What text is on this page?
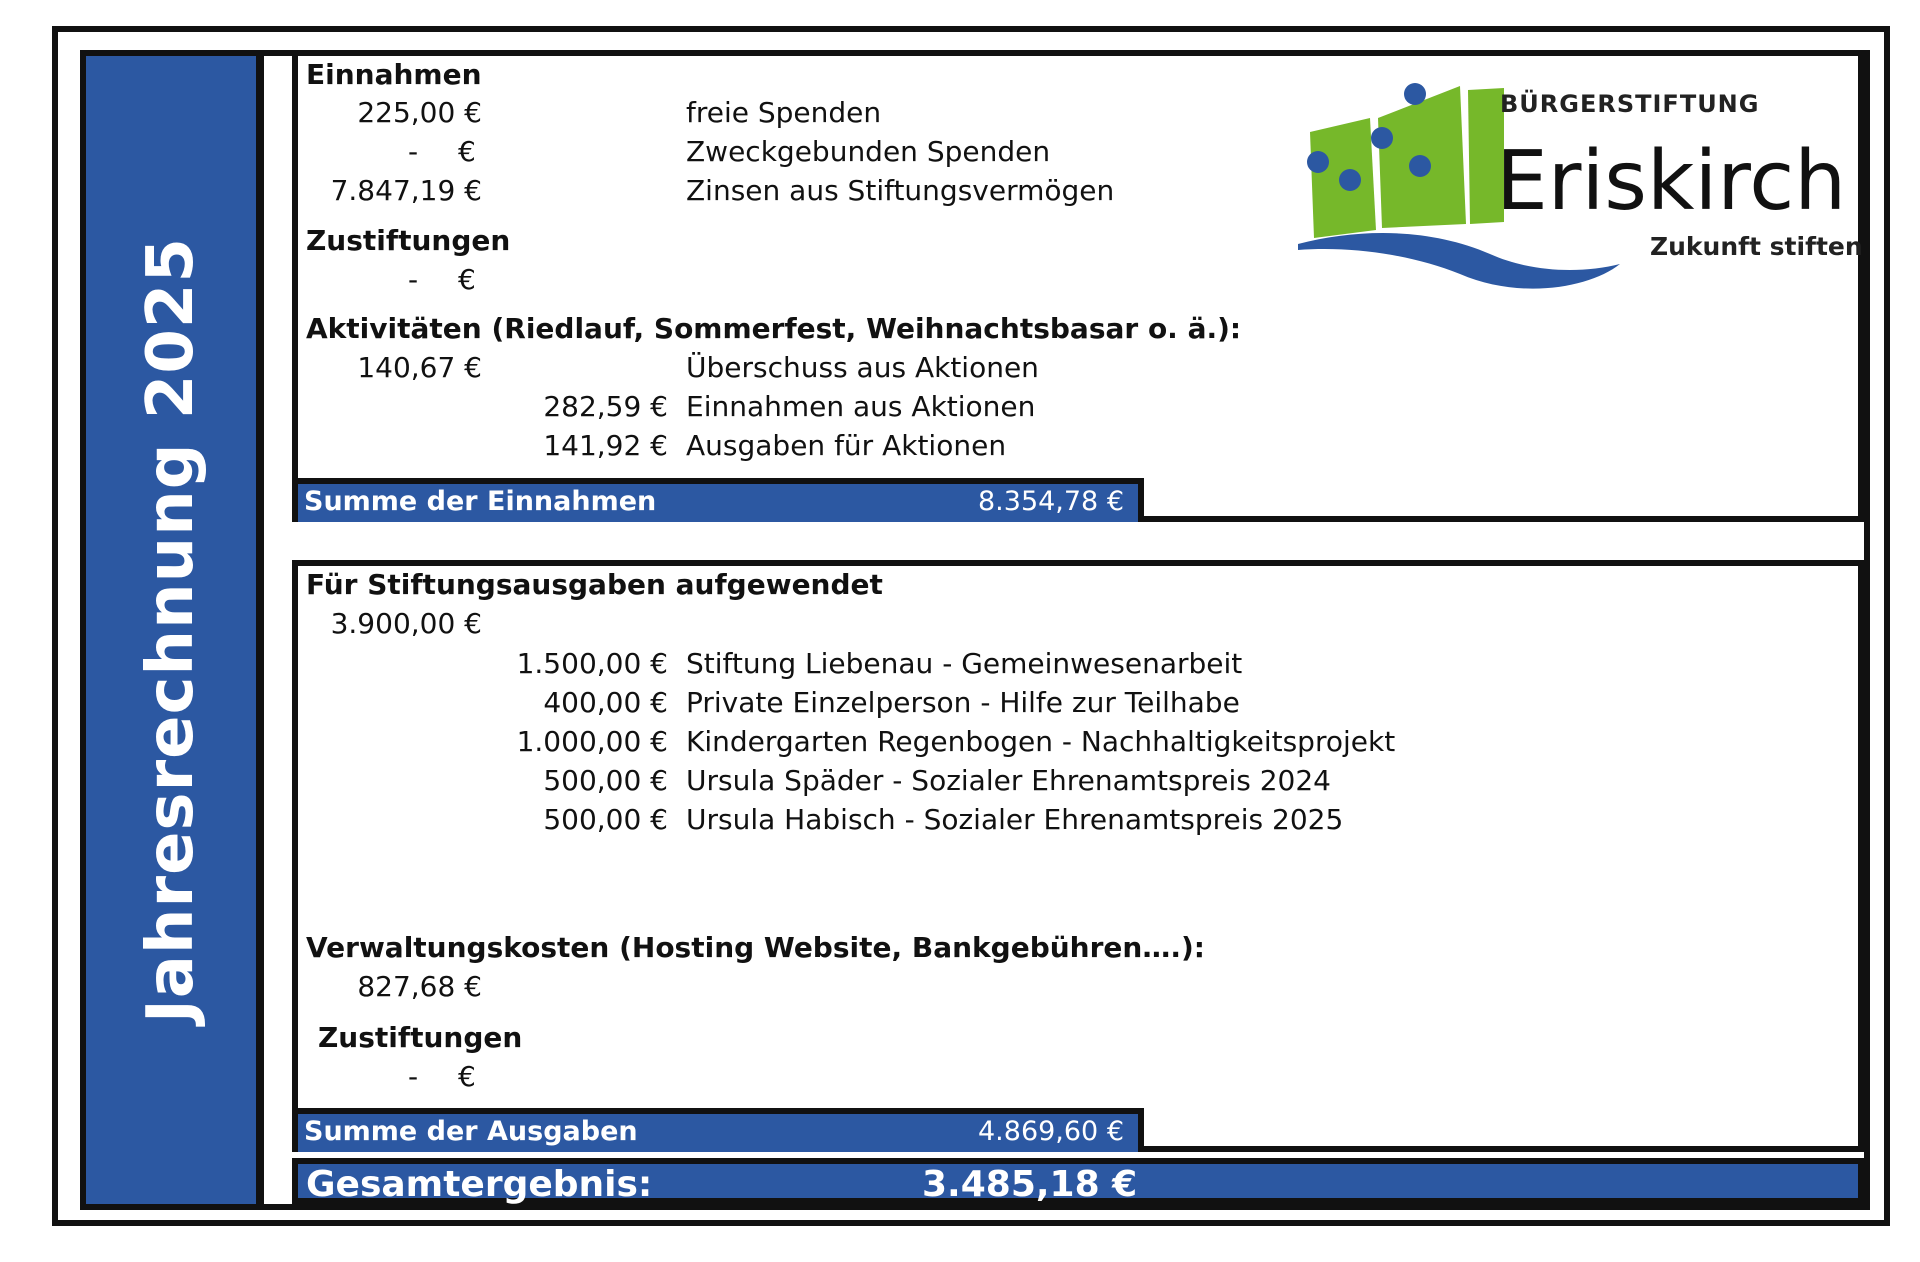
Jahresrechnung 2025
Einnahmen
225,00 €	freie Spenden
- €	Zweckgebunden Spenden
7.847,19 €	Zinsen aus Stiftungsvermögen
Zustiftungen
- €
Aktivitäten (Riedlauf, Sommerfest, Weihnachtsbasar o. ä.):
140,67 €	Überschuss aus Aktionen
282,59 € Einnahmen aus Aktionen
141,92 € Ausgaben für Aktionen
Summe der Einnahmen	8.354,78 €
BÜRGERSTIFTUNG
Eriskirch
Zukunft stiften
Für Stiftungsausgaben aufgewendet
3.900,00 €
1.500,00 € Stiftung Liebenau - Gemeinwesenarbeit
400,00 € Private Einzelperson - Hilfe zur Teilhabe
1.000,00 € Kindergarten Regenbogen - Nachhaltigkeitsprojekt
500,00 € Ursula Späder - Sozialer Ehrenamtspreis 2024
500,00 € Ursula Habisch - Sozialer Ehrenamtspreis 2025
Verwaltungskosten (Hosting Website, Bankgebühren….):
827,68 €
Zustiftungen
- €
Summe der Ausgaben	4.869,60 €
Gesamtergebnis:	3.485,18 €
